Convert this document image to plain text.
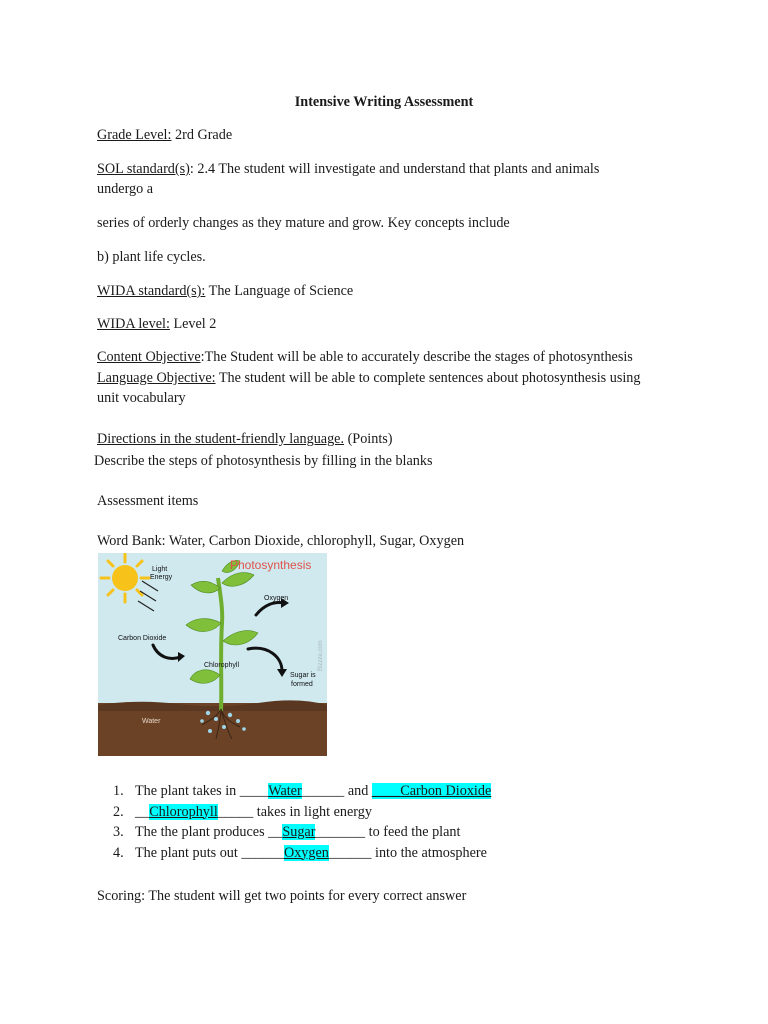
Intensive Writing Assessment
Grade Level: 2rd Grade
SOL standard(s): 2.4 The student will investigate and understand that plants and animals
undergo a
series of orderly changes as they mature and grow. Key concepts include
b) plant life cycles.
WIDA standard(s): The Language of Science
WIDA level: Level 2
Content Objective:The Student will be able to accurately describe the stages of photosynthesis
Language Objective: The student will be able to complete sentences about photosynthesis using
unit vocabulary
Directions in the student-friendly language. (Points)
Describe the steps of photosynthesis by filling in the blanks
Assessment items
Word Bank: Water, Carbon Dioxide, chlorophyll, Sugar, Oxygen
Photosynthesis
Light
Energy
Oxygen
Carbon Dioxide
Chlorophyll
Sugar is
formed
Water
Bizzze.com
1. The plant takes in ____Water______ and ____Carbon Dioxide
2. __Chlorophyll_____ takes in light energy
3. The the plant produces __Sugar_______ to feed the plant
4. The plant puts out ______Oxygen______ into the atmosphere
Scoring: The student will get two points for every correct answer
